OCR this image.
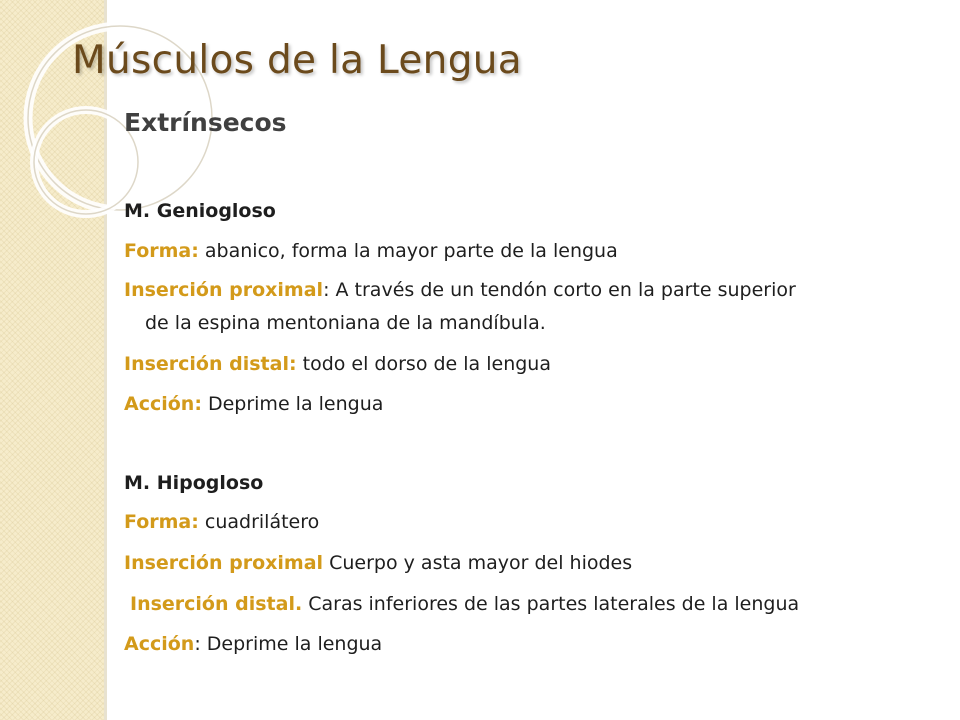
Músculos de la Lengua
Extrínsecos
M. Geniogloso
Forma: abanico, forma la mayor parte de la lengua
Inserción proximal: A través de un tendón corto en la parte superior
de la espina mentoniana de la mandíbula.
Inserción distal: todo el dorso de la lengua
Acción: Deprime la lengua
M. Hipogloso
Forma: cuadrilátero
Inserción proximal Cuerpo y asta mayor del hiodes
Inserción distal. Caras inferiores de las partes laterales de la lengua
Acción: Deprime la lengua
